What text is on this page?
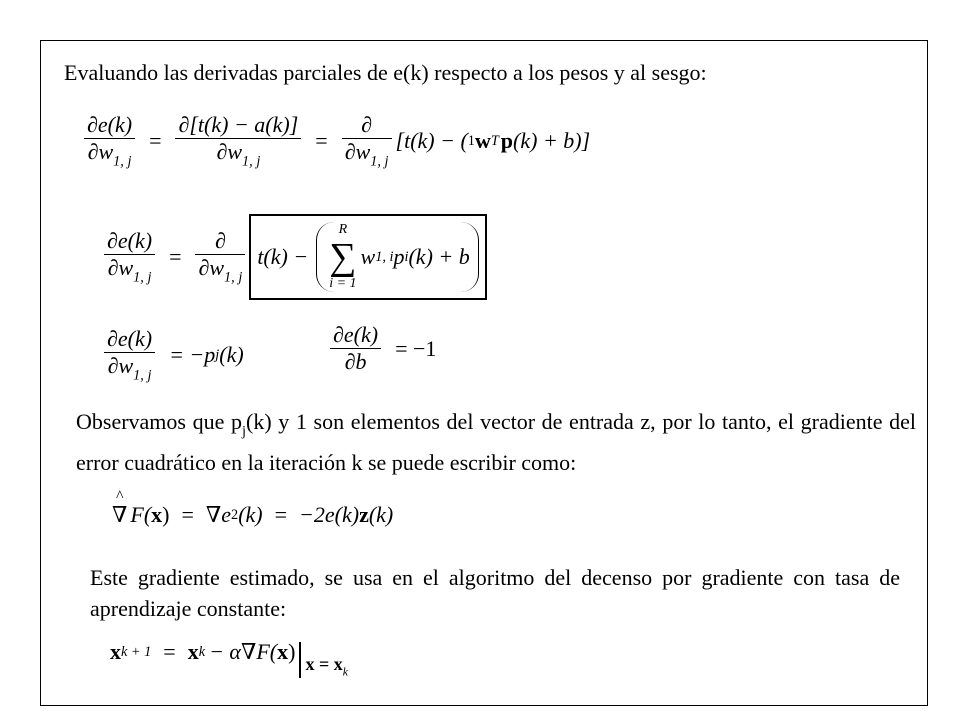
Evaluando las derivadas parciales de e(k) respecto a los pesos y al sesgo:
$\frac{\partial e(k)}{\partial w_{1, j}} = \frac{\partial[t(k) - a(k)]}{\partial w_{1, j}} = \frac{\partial}{\partial w_{1, j}} [t(k)$ − ( 1 w T p (k) + b)]
$\frac{\partial e(k)}{\partial w_{1, j}} = \frac{\partial}{\partial w_{1, j}} t(k)$ −
R
∑
i = 1
w 1, i p i (k) + b
$\frac{\partial e(k)}{\partial w_{1, j}} = -p$ j (k)	$\frac{\partial e(k)}{\partial b} = -1$
Observamos que $p_j(k)$ y 1 son elementos del vector de entrada z, por lo tanto, el gradiente del error cuadrático en la iteración k se puede escribir como:
^
∇ F( x ) = ∇ e 2 (k) = −2e(k) z (k)
Este gradiente estimado, se usa en el algoritmo del decenso por gradiente con tasa de aprendizaje constante:
x k + 1 = x k − α∇F( x ) $x = x_k$
